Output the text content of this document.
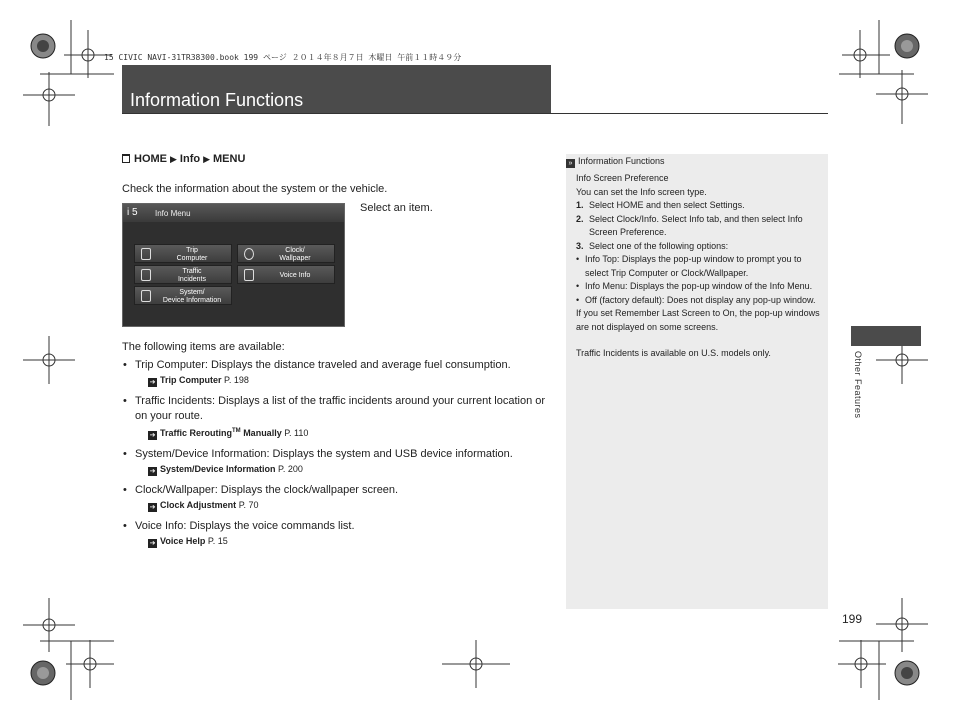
15 CIVIC NAVI-31TR38300.book 199 ページ ２０１４年８月７日 木曜日 午前１１時４９分
Information Functions
HOME ▶ Info ▶ MENU
Check the information about the system or the vehicle.
i 5 Info Menu
Trip
Computer
Clock/
Wallpaper
Traffic
Incidents
Voice Info
System/
Device Information
Select an item.
The following items are available:
• Trip Computer: Displays the distance traveled and average fuel consumption.
➔ Trip Computer P. 198
• Traffic Incidents: Displays a list of the traffic incidents around your current location or on your route.
➔ Traffic Rerouting™ Manually P. 110
• System/Device Information: Displays the system and USB device information.
➔ System/Device Information P. 200
• Clock/Wallpaper: Displays the clock/wallpaper screen.
➔ Clock Adjustment P. 70
• Voice Info: Displays the voice commands list.
➔ Voice Help P. 15
» Information Functions

Info Screen Preference

You can set the Info screen type.

1. Select HOME and then select Settings.

2. Select Clock/Info. Select Info tab, and then select Info Screen Preference.

3. Select one of the following options:

• Info Top: Displays the pop-up window to prompt you to select Trip Computer or Clock/Wallpaper.

• Info Menu: Displays the pop-up window of the Info Menu.

• Off (factory default): Does not display any pop-up window.

If you set Remember Last Screen to On, the pop-up windows are not displayed on some screens.

Traffic Incidents is available on U.S. models only.	Other Features
199
